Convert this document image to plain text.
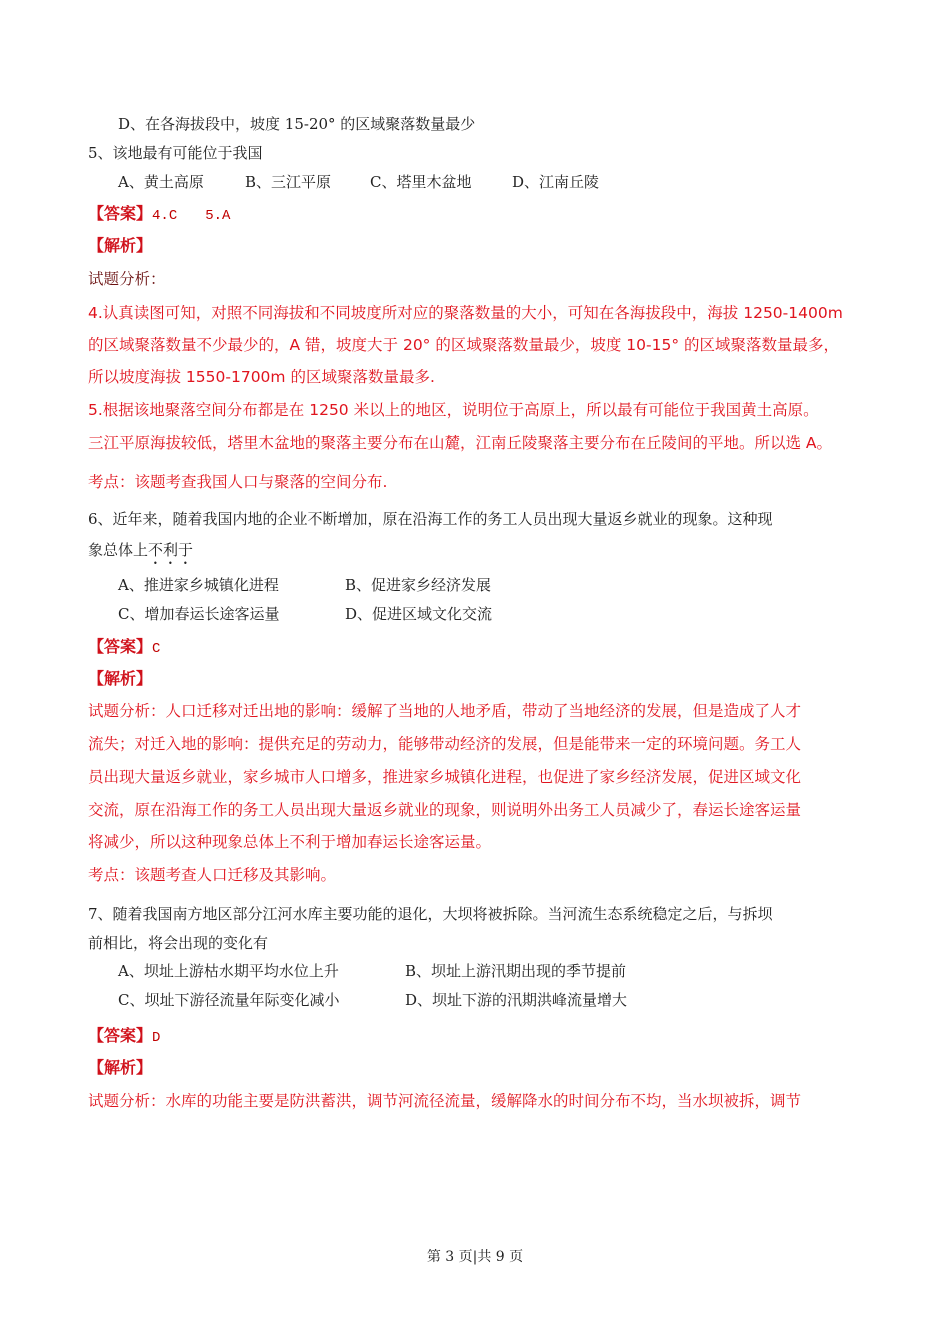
D、在各海拔段中，坡度 15-20° 的区域聚落数量最少
5、该地最有可能位于我国
A、黄土高原	B、三江平原	C、塔里木盆地	D、江南丘陵
【答案】4.C　　5.A
【解析】
试题分析：
4.认真读图可知，对照不同海拔和不同坡度所对应的聚落数量的大小，可知在各海拔段中，海拔 1250-1400m
的区域聚落数量不少最少的，A 错，坡度大于 20° 的区域聚落数量最少，坡度 10-15° 的区域聚落数量最多，
所以坡度海拔 1550-1700m 的区域聚落数量最多.
5.根据该地聚落空间分布都是在 1250 米以上的地区，说明位于高原上，所以最有可能位于我国黄土高原。
三江平原海拔较低，塔里木盆地的聚落主要分布在山麓，江南丘陵聚落主要分布在丘陵间的平地。所以选 A。
考点：该题考查我国人口与聚落的空间分布.
6、近年来，随着我国内地的企业不断增加，原在沿海工作的务工人员出现大量返乡就业的现象。这种现
象总体上不利于
A、推进家乡城镇化进程	B、促进家乡经济发展
C、增加春运长途客运量	D、促进区域文化交流
【答案】C
【解析】
试题分析：人口迁移对迁出地的影响：缓解了当地的人地矛盾，带动了当地经济的发展，但是造成了人才
流失；对迁入地的影响：提供充足的劳动力，能够带动经济的发展，但是能带来一定的环境问题。务工人
员出现大量返乡就业，家乡城市人口增多，推进家乡城镇化进程，也促进了家乡经济发展，促进区域文化
交流，原在沿海工作的务工人员出现大量返乡就业的现象，则说明外出务工人员减少了，春运长途客运量
将减少，所以这种现象总体上不利于增加春运长途客运量。
考点：该题考查人口迁移及其影响。
7、随着我国南方地区部分江河水库主要功能的退化，大坝将被拆除。当河流生态系统稳定之后，与拆坝
前相比，将会出现的变化有
A、坝址上游枯水期平均水位上升	B、坝址上游汛期出现的季节提前
C、坝址下游径流量年际变化减小	D、坝址下游的汛期洪峰流量增大
【答案】D
【解析】
试题分析：水库的功能主要是防洪蓄洪，调节河流径流量，缓解降水的时间分布不均，当水坝被拆，调节
第 3 页|共 9 页
